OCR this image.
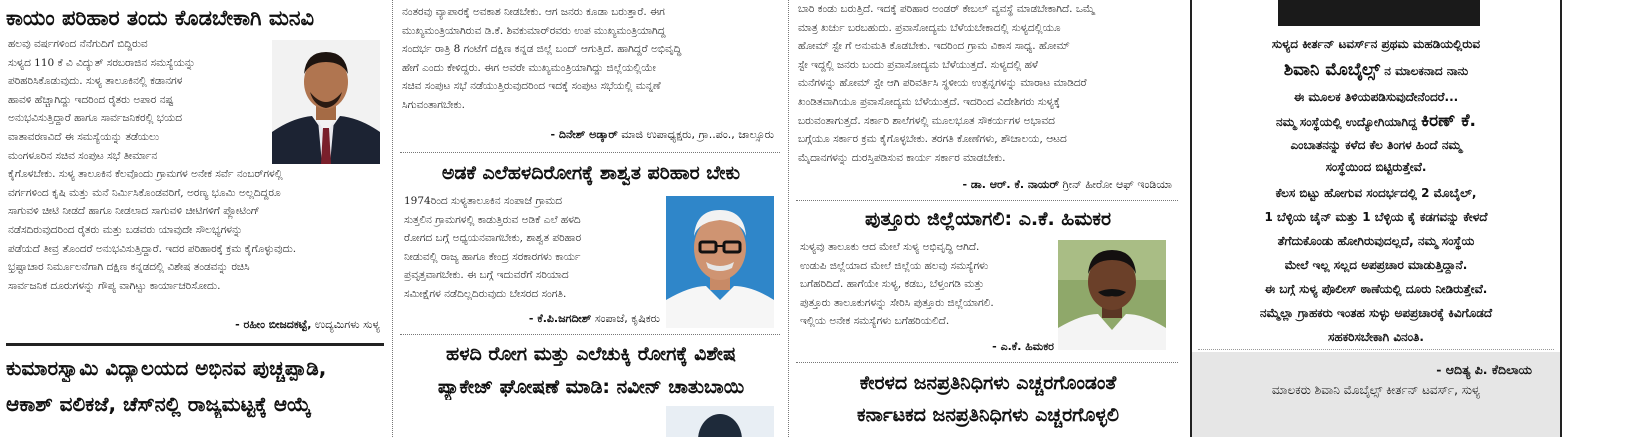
ಕಾಯಂ ಪರಿಹಾರ ತಂದು ಕೊಡಬೇಕಾಗಿ ಮನವಿ
ಹಲವು ವರ್ಷಗಳಿಂದ ನೆನೆಗುದಿಗೆ ಬಿದ್ದಿರುವ
ಸುಳ್ಯದ 110 ಕೆ ವಿ ವಿದ್ಯುತ್ ಸರಬರಾಜಿನ ಸಮಸ್ಯೆಯನ್ನು
ಪರಿಹರಿಸಿಕೊಡುವುದು. ಸುಳ್ಯ ತಾಲೂಕಿನಲ್ಲಿ ಕಡಾನಗಳ
ಹಾವಳಿ ಹೆಚ್ಚಾಗಿದ್ದು ಇದರಿಂದ ರೈತರು ಅಪಾರ ನಷ್ಟ
ಅನುಭವಿಸುತ್ತಿದ್ದಾರೆ ಹಾಗೂ ಸಾರ್ವಜನಿಕರಲ್ಲಿ ಭಯದ
ವಾತಾವರಣವಿದೆ ಈ ಸಮಸ್ಯೆಯನ್ನು ತಡೆಯಲು
ಮಂಗಳೂರಿನ ಸಚಿವ ಸಂಪುಟ ಸಭೆ ತೀರ್ಮಾನ
ಕೈಗೊಳಬೇಕು. ಸುಳ್ಯ ತಾಲೂಕಿನ ಕೆಲವೊಂದು ಗ್ರಾಮಗಳ ಅನೇಕ ಸರ್ವೆ ನಂಬರ್‌ಗಳಲ್ಲಿ
ವರ್ಗಗಳಿಂದ ಕೃಷಿ ಮತ್ತು ಮನೆ ನಿರ್ಮಿಸಿಕೊಂಡವರಿಗೆ, ಅರಣ್ಯ ಭೂಮಿ ಅಲ್ಲದಿದ್ದರೂ
ಸಾಗುವಳಿ ಚೀಟಿ ನೀಡದೆ ಹಾಗೂ ನೀಡಲಾದ ಸಾಗುವಳಿ ಚೀಟಿಗಳಿಗೆ ಪ್ಲೋಟಿಂಗ್
ನಡೆಸದಿರುವುದರಿಂದ ರೈತರು ಮತ್ತು ಬಡವರು ಯಾವುದೇ ಸೌಲಭ್ಯಗಳನ್ನು
ಪಡೆಯದೆ ತೀವ್ರ ತೊಂದರೆ ಅನುಭವಿಸುತ್ತಿದ್ದಾರೆ. ಇದರ ಪರಿಹಾರಕ್ಕೆ ಕ್ರಮ ಕೈಗೊಳ್ಳುವುದು.
ಭ್ರಷ್ಟಾಚಾರ ನಿರ್ಮೂಲನೆಗಾಗಿ ದಕ್ಷಿಣ ಕನ್ನಡದಲ್ಲಿ ವಿಶೇಷ ತಂಡವನ್ನು ರಚಿಸಿ
ಸಾರ್ವಜನಿಕ ದೂರುಗಳನ್ನು ಗೌಪ್ಯ ವಾಗಿಟ್ಟು ಕಾರ್ಯಾಚರಿಸೋದು.
- ರಹೀಂ ಬೀಜದಕಟ್ಟೆ, ಉದ್ಯಮಿಗಳು ಸುಳ್ಯ
ಕುಮಾರಸ್ವಾಮಿ ವಿದ್ಯಾಲಯದ ಅಭಿನವ ಪುಚ್ಚಪ್ಪಾಡಿ,
ಆಕಾಶ್ ವಲಿಕಜೆ, ಚೆಸ್‌ನಲ್ಲಿ ರಾಜ್ಯಮಟ್ಟಕ್ಕೆ ಆಯ್ಕೆ
ನಂತರವು ವ್ಯಾಪಾರಕ್ಕೆ ಅವಕಾಶ ನೀಡಬೇಕು. ಆಗ ಜನರು ಕೂಡಾ ಬರುತ್ತಾರೆ. ಈಗ
ಮುಖ್ಯಮಂತ್ರಿಯಾಗಿರುವ ಡಿ.ಕೆ. ಶಿವಕುಮಾರ್‌ರವರು ಉಪ ಮುಖ್ಯಮಂತ್ರಿಯಾಗಿದ್ದ
ಸಂದರ್ಭ ರಾತ್ರಿ 8 ಗಂಟೆಗೆ ದಕ್ಷಿಣ ಕನ್ನಡ ಜಿಲ್ಲೆ ಬಂದ್ ಆಗುತ್ತಿದೆ. ಹಾಗಿದ್ದರೆ ಅಭಿವೃದ್ಧಿ
ಹೇಗೆ ಎಂದು ಕೇಳಿದ್ದರು. ಈಗ ಅವರೇ ಮುಖ್ಯಮಂತ್ರಿಯಾಗಿದ್ದು ಜಿಲ್ಲೆಯಲ್ಲಿಯೇ
ಸಚಿವ ಸಂಪುಟ ಸಭೆ ನಡೆಯುತ್ತಿರುವುದರಿಂದ ಇದಕ್ಕೆ ಸಂಪುಟ ಸಭೆಯಲ್ಲಿ ಮನ್ನಣೆ
ಸಿಗುವಂತಾಗಬೇಕು.
- ದಿನೇಶ್ ಅಡ್ಕಾರ್ ಮಾಜಿ ಉಪಾಧ್ಯಕ್ಷರು, ಗ್ರಾ..ಪಂ., ಜಾಲ್ಸೂರು
ಅಡಕೆ ಎಲೆಹಳದಿರೋಗಕ್ಕೆ ಶಾಶ್ವತ ಪರಿಹಾರ ಬೇಕು
1974ರಿಂದ ಸುಳ್ಯತಾಲೂಕಿನ ಸಂಪಾಜೆ ಗ್ರಾಮದ
ಸುತ್ತಲಿನ ಗ್ರಾಮಗಳಲ್ಲಿ ಕಾಡುತ್ತಿರುವ ಅಡಿಕೆ ಎಲೆ ಹಳದಿ
ರೋಗದ ಬಗ್ಗೆ ಅಧ್ಯಯನವಾಗಬೇಕು, ಶಾಶ್ವತ ಪರಿಹಾರ
ನೀಡುವಲ್ಲಿ ರಾಜ್ಯ ಹಾಗೂ ಕೇಂದ್ರ ಸರಕಾರಗಳು ಕಾರ್ಯ
ಪ್ರವೃತ್ತವಾಗಬೇಕು. ಈ ಬಗ್ಗೆ ಇದುವರೆಗೆ ಸರಿಯಾದ
ಸಮೀಕ್ಷೆಗಳ ನಡೆದಿಲ್ಲದಿರುವುದು ಬೇಸರದ ಸಂಗತಿ.
- ಕೆ.ಪಿ.ಜಗದೀಶ್ ಸಂಪಾಜೆ, ಕೃಷಿಕರು
ಹಳದಿ ರೋಗ ಮತ್ತು ಎಲೆಚುಕ್ಕಿ ರೋಗಕ್ಕೆ ವಿಶೇಷ
ಪ್ಯಾಕೇಜ್ ಘೋಷಣೆ ಮಾಡಿ: ನವೀನ್ ಚಾತುಬಾಯಿ
ಬಾರಿ ಕಂಡು ಬರುತ್ತಿದೆ. ಇದಕ್ಕೆ ಪರಿಹಾರ ಅಂಡರ್ ಕೇಬಲ್ ವ್ಯವಸ್ಥೆ ಮಾಡಬೇಕಾಗಿದೆ. ಒಮ್ಮೆ
ಮಾತ್ರ ಖರ್ಚು ಬರಬಹುದು. ಪ್ರವಾಸೋದ್ಯಮ ಬೆಳೆಯಬೇಕಾದಲ್ಲಿ ಸುಳ್ಯದಲ್ಲಿಯೂ
ಹೋಮ್ ಸ್ಟೇ ಗೆ ಅನುಮತಿ ಕೊಡಬೇಕು. ಇದರಿಂದ ಗ್ರಾಮ ವಿಕಾಸ ಸಾಧ್ಯ. ಹೋಮ್
ಸ್ಟೇ ಇದ್ದಲ್ಲಿ ಜನರು ಬಂದು ಪ್ರವಾಸೋದ್ಯಮ ಬೆಳೆಯುತ್ತದೆ. ಸುಳ್ಯದಲ್ಲಿ ಹಳೆ
ಮನೆಗಳನ್ನು ಹೋಮ್ ಸ್ಟೇ ಆಗಿ ಪರಿವರ್ತಿಸಿ ಸ್ಥಳೀಯ ಉತ್ಪನ್ನಗಳನ್ನು ಮಾರಾಟ ಮಾಡಿದರೆ
ಖಂಡಿತವಾಗಿಯೂ ಪ್ರವಾಸೋದ್ಯಮ ಬೆಳೆಯುತ್ತದೆ. ಇದರಿಂದ ವಿದೇಶಿಗರು ಸುಳ್ಯಕ್ಕೆ
ಬರುವಂತಾಗುತ್ತದೆ. ಸರ್ಕಾರಿ ಶಾಲೆಗಳಲ್ಲಿ ಮೂಲಭೂತ ಸೌಕರ್ಯಗಳ ಅಭಾವದ
ಬಗ್ಗೆಯೂ ಸರ್ಕಾರ ಕ್ರಮ ಕೈಗೊಳ್ಳಬೇಕು. ತರಗತಿ ಕೋಣೆಗಳು, ಶೌಚಾಲಯ, ಆಟದ
ಮೈದಾನಗಳನ್ನು ದುರಸ್ತಿಪಡಿಸುವ ಕಾರ್ಯ ಸರ್ಕಾರ ಮಾಡಬೇಕು.
- ಡಾ. ಆರ್. ಕೆ. ನಾಯರ್ ಗ್ರೀನ್ ಹೀರೋ ಆಫ್ ಇಂಡಿಯಾ
ಪುತ್ತೂರು ಜಿಲ್ಲೆಯಾಗಲಿ: ಎ.ಕೆ. ಹಿಮಕರ
ಸುಳ್ಯವು ತಾಲೂಕು ಆದ ಮೇಲೆ ಸುಳ್ಯ ಅಭಿವೃದ್ಧಿ ಆಗಿದೆ.
ಉಡುಪಿ ಜಿಲ್ಲೆಯಾದ ಮೇಲೆ ಜಿಲ್ಲೆಯ ಹಲವು ಸಮಸ್ಯೆಗಳು
ಬಗೆಹರಿದಿದೆ. ಹಾಗೆಯೇ ಸುಳ್ಯ, ಕಡಬ, ಬೆಳ್ತಂಗಡಿ ಮತ್ತು
ಪುತ್ತೂರು ತಾಲೂಕುಗಳನ್ನು ಸೇರಿಸಿ ಪುತ್ತೂರು ಜಿಲ್ಲೆಯಾಗಲಿ.
ಇಲ್ಲಿಯ ಅನೇಕ ಸಮಸ್ಯೆಗಳು ಬಗೆಹರಿಯಲಿದೆ.
- ಎ.ಕೆ. ಹಿಮಕರ
ಕೇರಳದ ಜನಪ್ರತಿನಿಧಿಗಳು ಎಚ್ಚರಗೊಂಡಂತೆ
ಕರ್ನಾಟಕದ ಜನಪ್ರತಿನಿಧಿಗಳು ಎಚ್ಚರಗೊಳ್ಳಲಿ
ಸುಳ್ಯದ ಕೀರ್ತನ್ ಟವರ್ಸ್‌ನ ಪ್ರಥಮ ಮಹಡಿಯಲ್ಲಿರುವ
ಶಿವಾನಿ ಮೊಬೈಲ್ಸ್ ನ ಮಾಲಕನಾದ ನಾನು
ಈ ಮೂಲಕ ತಿಳಿಯಪಡಿಸುವುದೇನೆಂದರೆ...
ನಮ್ಮ ಸಂಸ್ಥೆಯಲ್ಲಿ ಉದ್ಯೋಗಿಯಾಗಿದ್ದ ಕಿರಣ್ ಕೆ.
ಎಂಬಾತನನ್ನು ಕಳೆದ ಕೆಲ ತಿಂಗಳ ಹಿಂದೆ ನಮ್ಮ
ಸಂಸ್ಥೆಯಿಂದ ಬಿಟ್ಟಿರುತ್ತೇವೆ.
ಕೆಲಸ ಬಿಟ್ಟು ಹೋಗುವ ಸಂದರ್ಭದಲ್ಲಿ 2 ಮೊಬೈಲ್,
1 ಬೆಳ್ಳಿಯ ಚೈನ್ ಮತ್ತು 1 ಬೆಳ್ಳಿಯ ಕೈ ಕಡಗವನ್ನು ಕೇಳದೆ
ತೆಗೆದುಕೊಂಡು ಹೋಗಿರುವುದಲ್ಲದೆ, ನಮ್ಮ ಸಂಸ್ಥೆಯ
ಮೇಲೆ ಇಲ್ಲ ಸಲ್ಲದ ಅಪಪ್ರಚಾರ ಮಾಡುತ್ತಿದ್ದಾನೆ.
ಈ ಬಗ್ಗೆ ಸುಳ್ಯ ಪೊಲೀಸ್ ಠಾಣೆಯಲ್ಲಿ ದೂರು ನೀಡಿರುತ್ತೇವೆ.
ನಮ್ಮೆಲ್ಲಾ ಗ್ರಾಹಕರು ಇಂತಹ ಸುಳ್ಳು ಅಪಪ್ರಚಾರಕ್ಕೆ ಕಿವಿಗೊಡದೆ
ಸಹಕರಿಸಬೇಕಾಗಿ ವಿನಂತಿ.
- ಆದಿತ್ಯ ಪಿ. ಕೆದಿಲಾಯ
ಮಾಲಕರು ಶಿವಾನಿ ಮೊಬೈಲ್ಸ್ ಕೀರ್ತನ್ ಟವರ್ಸ್, ಸುಳ್ಯ
